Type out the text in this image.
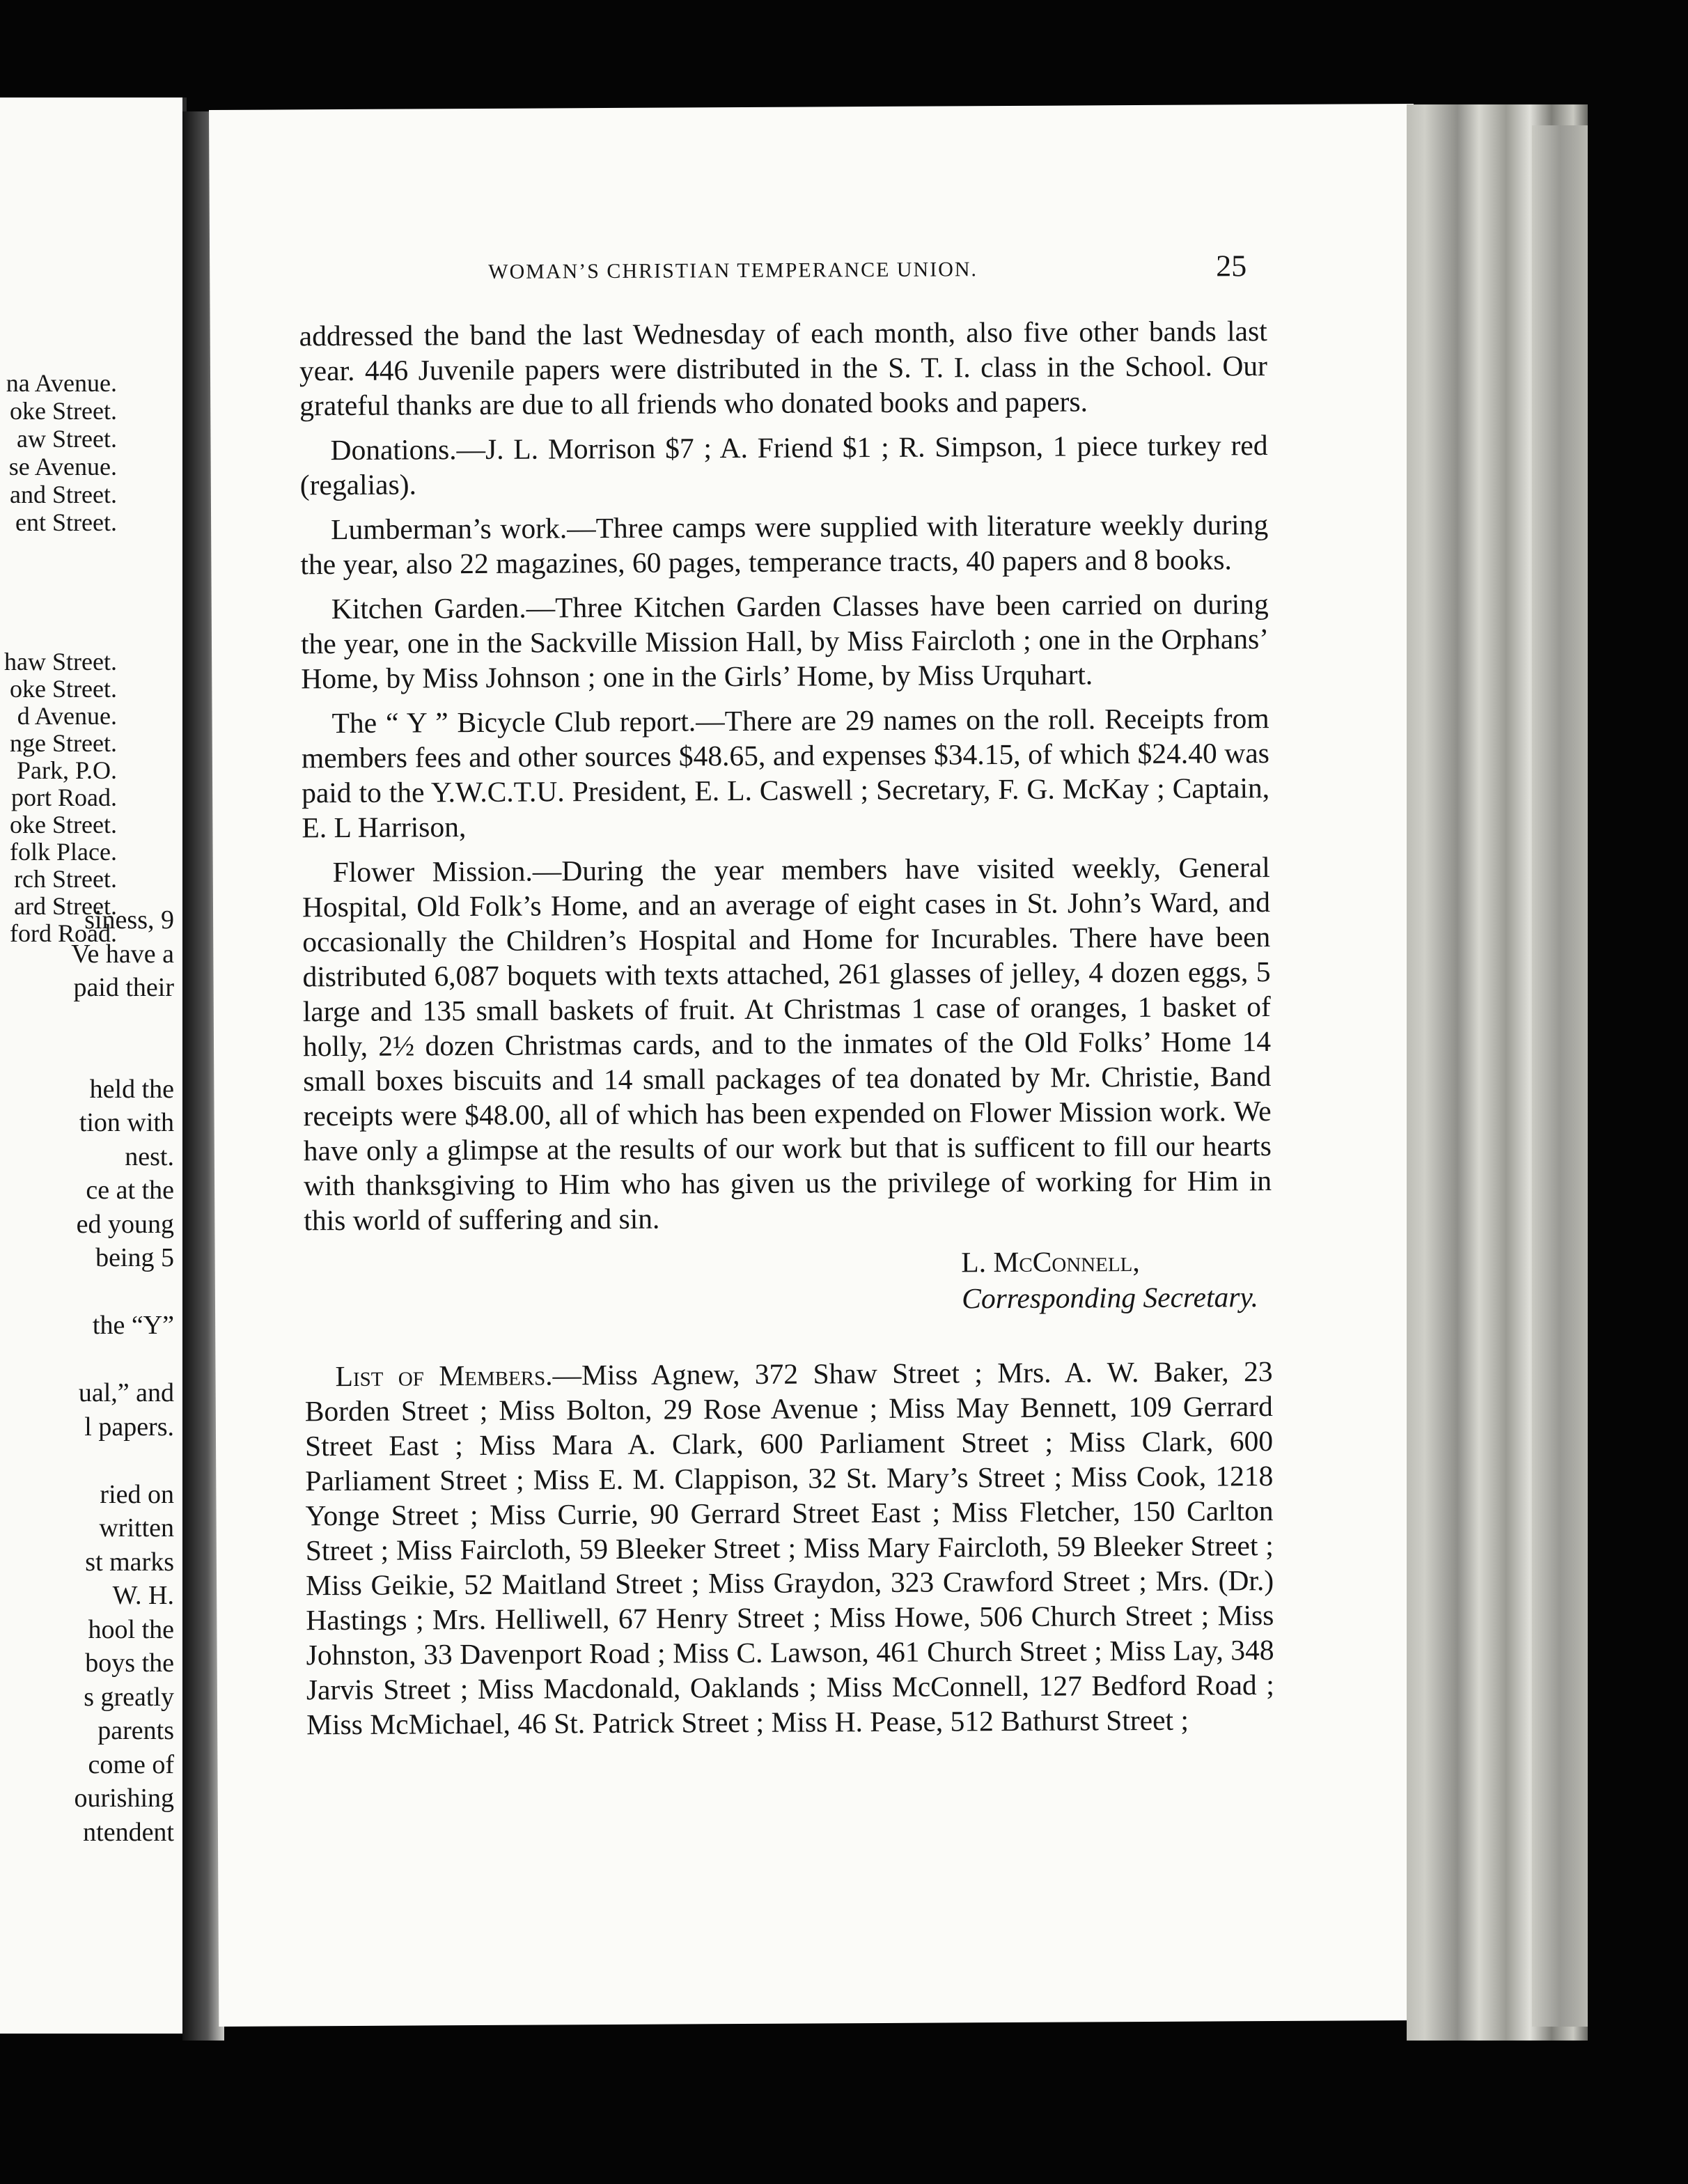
na Avenue.
oke Street.
aw Street.
se Avenue.
and Street.
ent Street.
haw Street.
oke Street.
d Avenue.
nge Street.
Park, P.O.
port Road.
oke Street.
folk Place.
rch Street.
ard Street.
ford Road.
siness, 9
Ve have a
paid their
held the
tion with
nest.
ce at the
ed young
being 5
the “Y”
ual,” and
l papers.
ried on
written
st marks
W. H.
hool the
boys the
s greatly
parents
come of
ourishing
ntendent
WOMAN’S CHRISTIAN TEMPERANCE UNION.	25

addressed the band the last Wednesday of each month, also five other bands last year. 446 Juvenile papers were distributed in the S. T. I. class in the School. Our grateful thanks are due to all friends who donated books and papers.

Donations.—J. L. Morrison $7 ; A. Friend $1 ; R. Simpson, 1 piece turkey red (regalias).

Lumberman’s work.—Three camps were supplied with literature weekly during the year, also 22 magazines, 60 pages, temperance tracts, 40 papers and 8 books.

Kitchen Garden.—Three Kitchen Garden Classes have been carried on during the year, one in the Sackville Mission Hall, by Miss Faircloth ; one in the Orphans’ Home, by Miss Johnson ; one in the Girls’ Home, by Miss Urquhart.

The “ Y ” Bicycle Club report.—There are 29 names on the roll. Receipts from members fees and other sources $48.65, and expenses $34.15, of which $24.40 was paid to the Y.W.C.T.U. President, E. L. Caswell ; Secretary, F. G. McKay ; Captain, E. L Harrison,

Flower Mission.—During the year members have visited weekly, General Hospital, Old Folk’s Home, and an average of eight cases in St. John’s Ward, and occasionally the Children’s Hospital and Home for Incurables. There have been distributed 6,087 boquets with texts attached, 261 glasses of jelley, 4 dozen eggs, 5 large and 135 small baskets of fruit. At Christmas 1 case of oranges, 1 basket of holly, 2½ dozen Christmas cards, and to the inmates of the Old Folks’ Home 14 small boxes biscuits and 14 small packages of tea donated by Mr. Christie, Band receipts were $48.00, all of which has been expended on Flower Mission work. We have only a glimpse at the results of our work but that is sufficent to fill our hearts with thanksgiving to Him who has given us the privilege of working for Him in this world of suffering and sin.

L. McConnell,
Corresponding Secretary.

List of Members.—Miss Agnew, 372 Shaw Street ; Mrs. A. W. Baker, 23 Borden Street ; Miss Bolton, 29 Rose Avenue ; Miss May Bennett, 109 Gerrard Street East ; Miss Mara A. Clark, 600 Parliament Street ; Miss Clark, 600 Parliament Street ; Miss E. M. Clappison, 32 St. Mary’s Street ; Miss Cook, 1218 Yonge Street ; Miss Currie, 90 Gerrard Street East ; Miss Fletcher, 150 Carlton Street ; Miss Faircloth, 59 Bleeker Street ; Miss Mary Faircloth, 59 Bleeker Street ; Miss Geikie, 52 Maitland Street ; Miss Graydon, 323 Crawford Street ; Mrs. (Dr.) Hastings ; Mrs. Helliwell, 67 Henry Street ; Miss Howe, 506 Church Street ; Miss Johnston, 33 Davenport Road ; Miss C. Lawson, 461 Church Street ; Miss Lay, 348 Jarvis Street ; Miss Macdonald, Oaklands ; Miss McConnell, 127 Bedford Road ; Miss McMichael, 46 St. Patrick Street ; Miss H. Pease, 512 Bathurst Street ;
